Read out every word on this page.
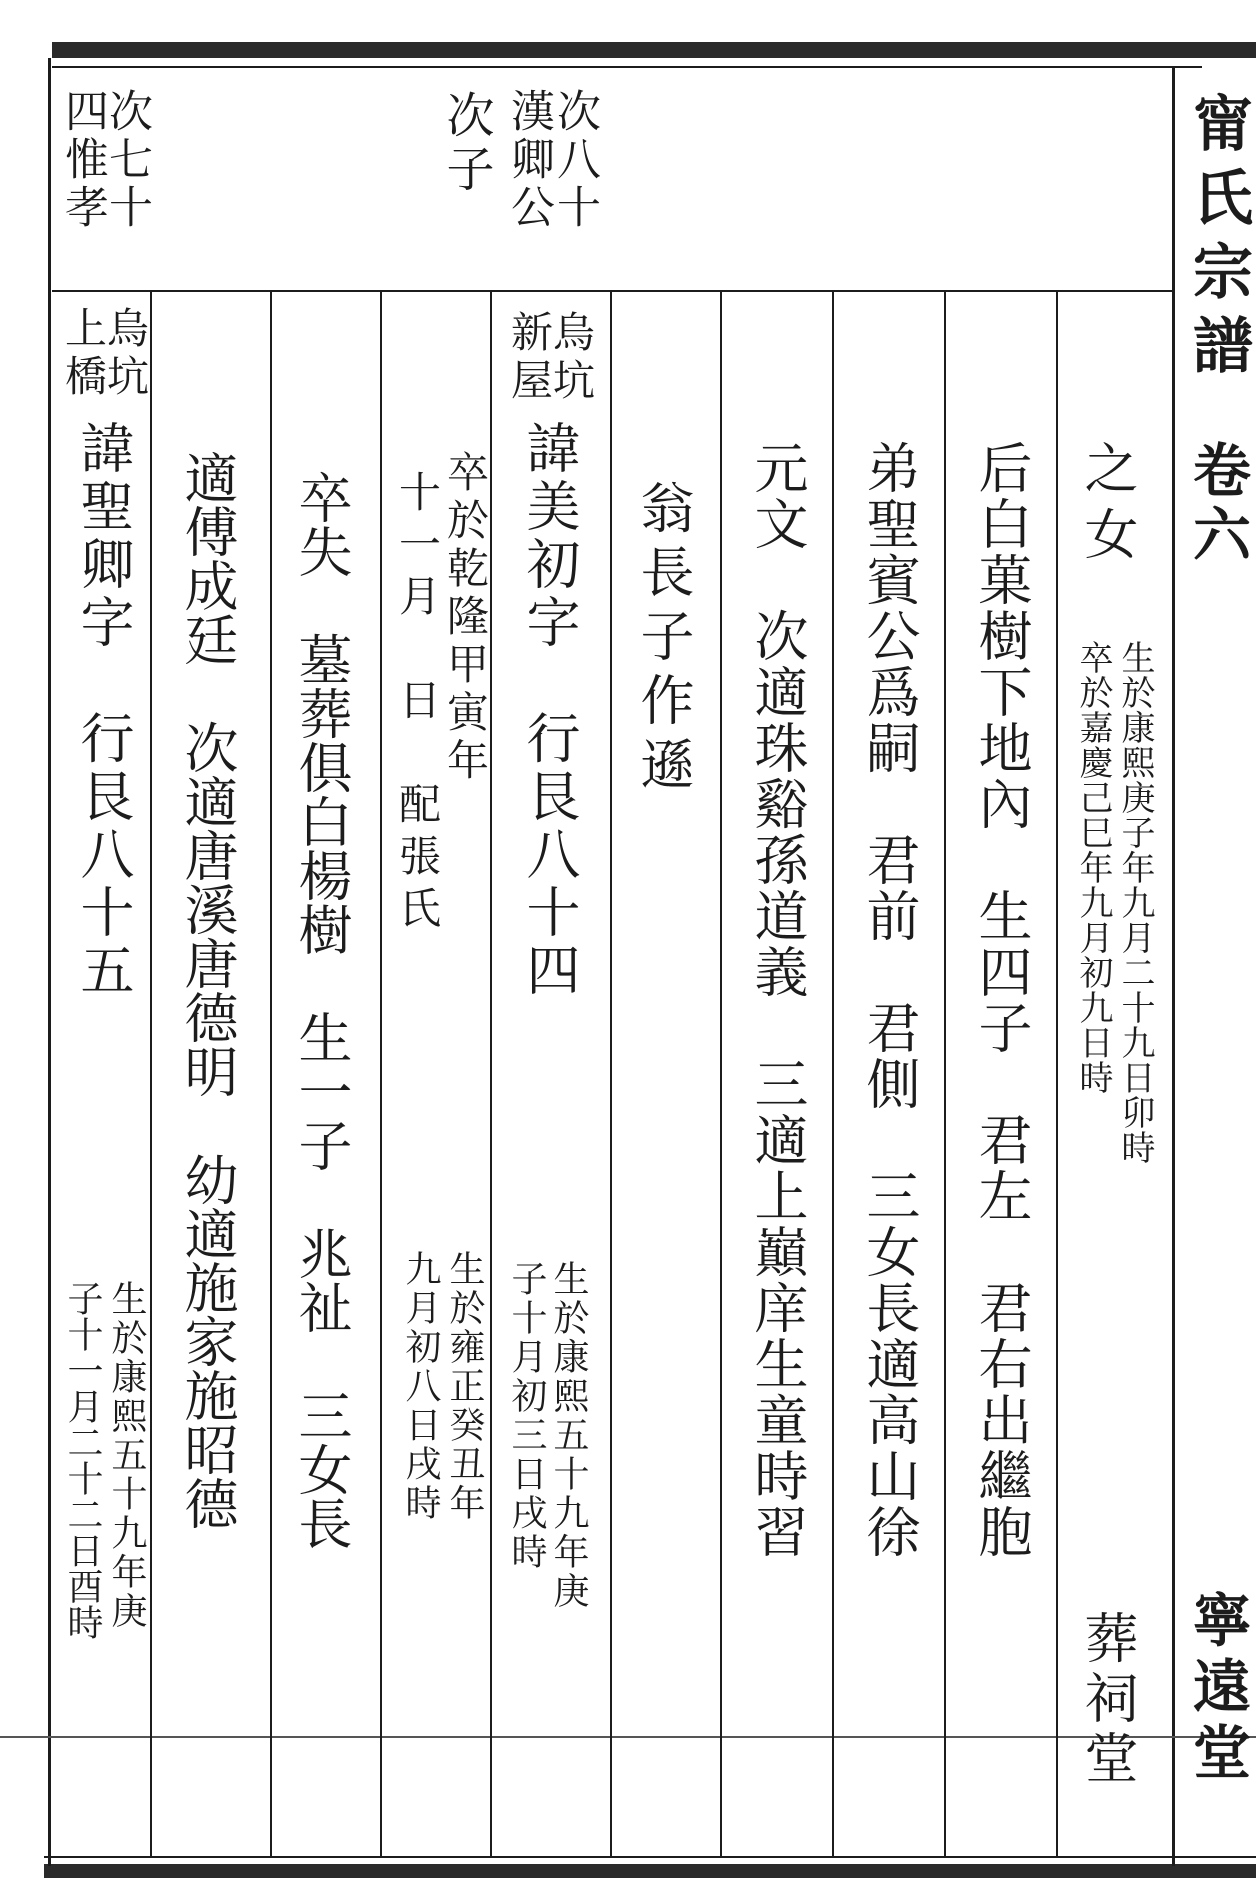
甯氏宗譜
卷六
寧遠堂
次八十
漢卿公
次子
次七十
四惟孝
之女
生於康熙庚子年九月二十九日卯時
卒於嘉慶己巳年九月初九日時
葬祠堂
后白菓樹下地內　生四子　君左　君右出繼胞
弟聖賓公爲嗣　君前　君側　三女長適高山徐
元文　次適珠谿孫道義　三適上巔庠生童時習
翁長子作遜
烏坑
新屋
諱美初字　行艮八十四
生於康熙五十九年庚
子十月初三日戌時
卒於乾隆甲寅年
十一月　日　配張氏
生於雍正癸丑年
九月初八日戌時
卒失　墓葬俱白楊樹　生一子　兆祉　三女長
適傅成廷　次適唐溪唐德明　幼適施家施昭德
烏坑
上橋
諱聖卿字　行艮八十五
生於康熙五十九年庚
子十一月二十二日酉時
